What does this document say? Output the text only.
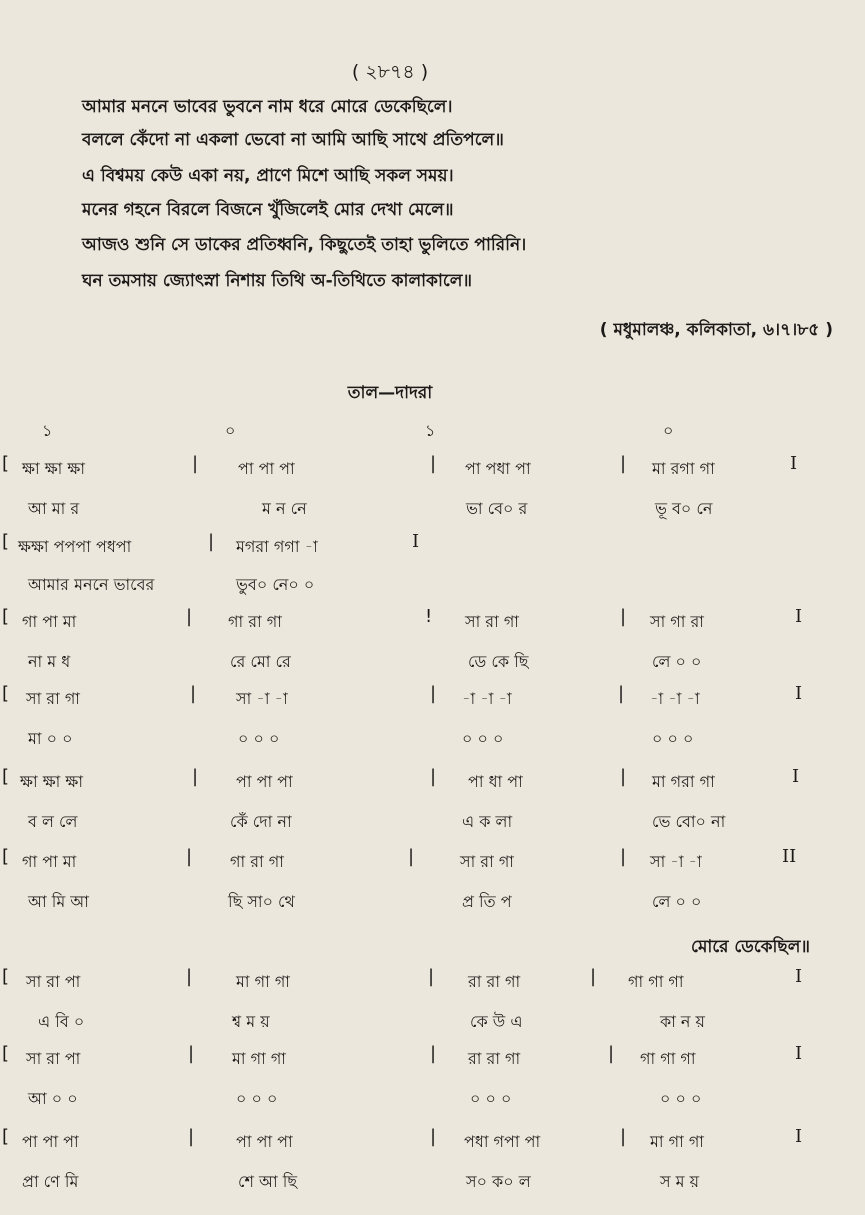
( ২৮৭৪ )
আমার মননে ভাবের ভুবনে নাম ধরে মোরে ডেকেছিলে।
বললে কেঁদো না একলা ভেবো না আমি আছি সাথে প্রতিপলে॥
এ বিশ্বময় কেউ একা নয়, প্রাণে মিশে আছি সকল সময়।
মনের গহনে বিরলে বিজনে খুঁজিলেই মোর দেখা মেলে॥
আজও শুনি সে ডাকের প্রতিধ্বনি, কিছুতেই তাহা ভুলিতে পারিনি।
ঘন তমসায় জ্যোৎস্না নিশায় তিথি অ-তিথিতে কালাকালে॥
( মধুমালঞ্চ, কলিকাতা, ৬।৭।৮৫ )
তাল—দাদরা
১	০	১	০
মোরে ডেকেছিল॥
[ ক্ষা ক্ষা ক্ষা	| পা পা পা	| পা পধা পা	| মা রগা গা	I
আ মা র	ম ন নে	ভা বে০ র	ভূ ব০ নে
[ ক্ষক্ষা পপপা পধপা	| মগরা গগা -া	I
আমার মননে ভাবের	ভুব০ নে০ ০
[ গা পা মা	| গা রা গা	! সা রা গা	| সা গা রা	I
না ম ধ	রে মো রে	ডে কে ছি	লে ০ ০
[ সা রা গা	| সা -া -া	| -া -া -া	| -া -া -া	I
মা ০ ০	০ ০ ০	০ ০ ০	০ ০ ০
[ ক্ষা ক্ষা ক্ষা	| পা পা পা	| পা ধা পা	| মা গরা গা	I
ব ল লে	কেঁ দো না	এ ক লা	ভে বো০ না
[ গা পা মা	| গা রা গা	|	সা রা গা	| সা -া -া	II
আ মি আ	ছি সা০ থে	প্র তি প	লে ০ ০
[ সা রা পা	|	মা গা গা	| রা রা গা	| গা গা গা	I
এ বি ০	শ্ব ম য়	কে উ এ	কা ন য়
[ সা রা পা	| মা গা গা	| রা রা গা	| গা গা গা	I
আ ০ ০	০ ০ ০	০ ০ ০	০ ০ ০
[ পা পা পা	|	পা পা পা	| পধা গপা পা	| মা গা গা	I
প্রা ণে মি	শে আ ছি	স০ ক০ ল	স ম য়
